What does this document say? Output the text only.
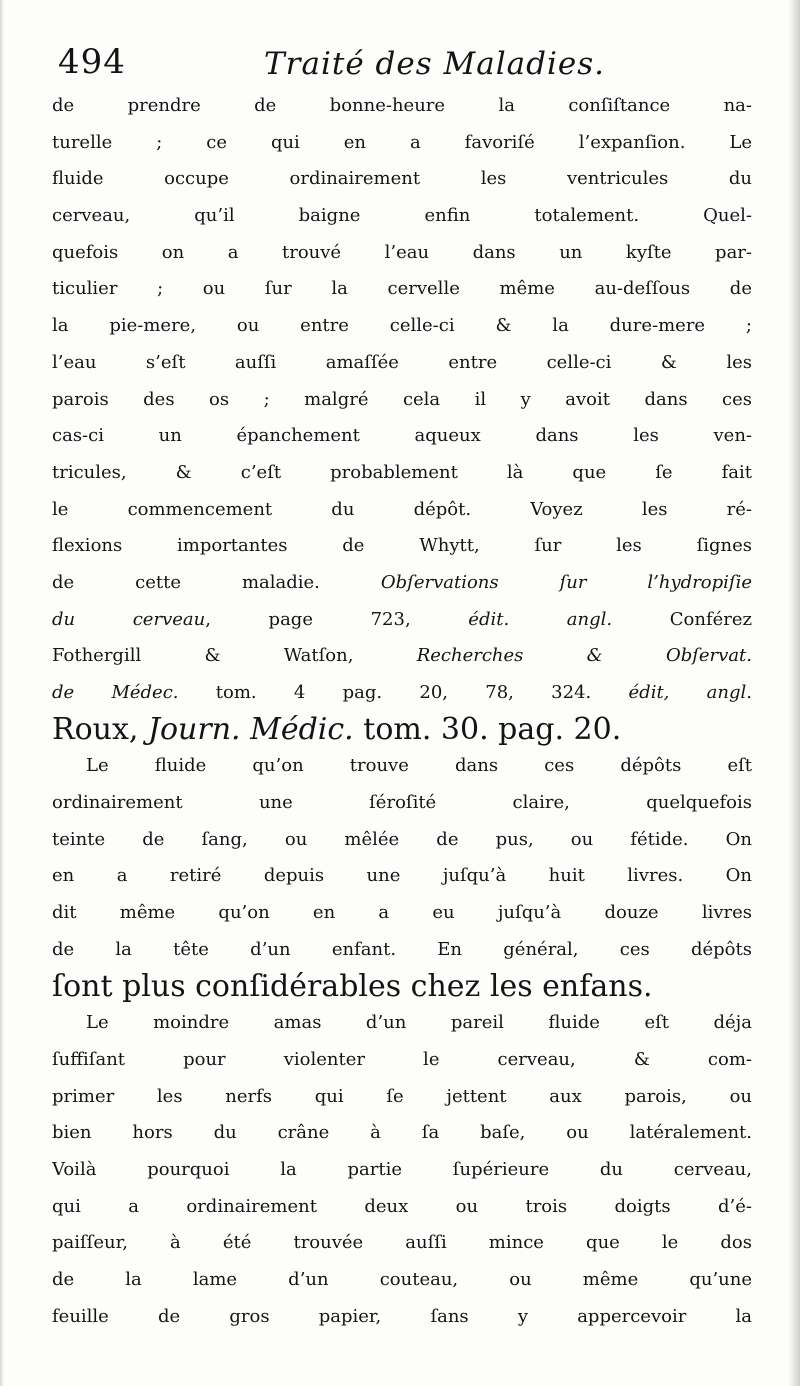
494	Traité des Maladies.
de prendre de bonne-heure la conſiſtance na-
turelle ; ce qui en a favoriſé l’expanſion. Le
fluide occupe ordinairement les ventricules du
cerveau, qu’il baigne enfin totalement. Quel-
quefois on a trouvé l’eau dans un kyſte par-
ticulier ; ou ſur la cervelle même au-deſſous de
la pie-mere, ou entre celle-ci & la dure-mere ;
l’eau s’eſt auſſi amaſſée entre celle-ci & les
parois des os ; malgré cela il y avoit dans ces
cas-ci un épanchement aqueux dans les ven-
tricules, & c’eſt probablement là que ſe fait
le commencement du dépôt. Voyez les ré-
flexions importantes de Whytt, ſur les ſignes
de cette maladie. Obſervations ſur l’hydropiſie
du cerveau, page 723, édit. angl. Conférez
Fothergill & Watſon, Recherches & Obſervat.
de Médec. tom. 4 pag. 20, 78, 324. édit, angl.
Roux, Journ. Médic. tom. 30. pag. 20.
Le fluide qu’on trouve dans ces dépôts eſt
ordinairement une ſéroſité claire, quelquefois
teinte de ſang, ou mêlée de pus, ou fétide. On
en a retiré depuis une juſqu’à huit livres. On
dit même qu’on en a eu juſqu’à douze livres
de la tête d’un enfant. En général, ces dépôts
ſont plus conſidérables chez les enfans.
Le moindre amas d’un pareil fluide eſt déja
ſuffiſant pour violenter le cerveau, & com-
primer les nerfs qui ſe jettent aux parois, ou
bien hors du crâne à ſa baſe, ou latéralement.
Voilà pourquoi la partie ſupérieure du cerveau,
qui a ordinairement deux ou trois doigts d’é-
paiſſeur, à été trouvée auſſi mince que le dos
de la lame d’un couteau, ou même qu’une
feuille de gros papier, ſans y appercevoir la
